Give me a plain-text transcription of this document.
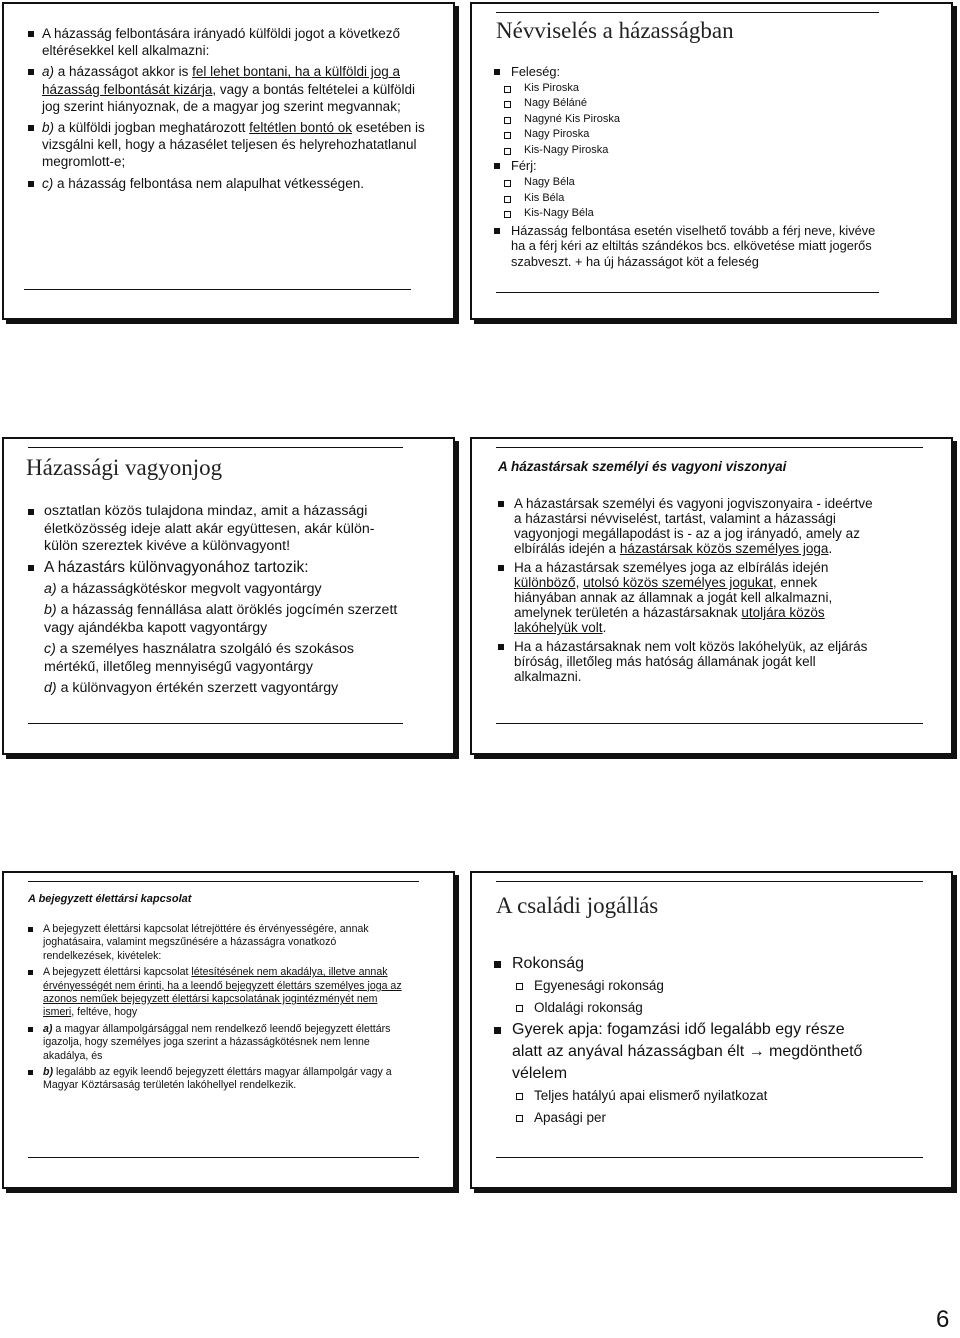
A házasság felbontására irányadó külföldi jogot a következő eltérésekkel kell alkalmazni:
a) a házasságot akkor is fel lehet bontani, ha a külföldi jog a házasság felbontását kizárja, vagy a bontás feltételei a külföldi jog szerint hiányoznak, de a magyar jog szerint megvannak;
b) a külföldi jogban meghatározott feltétlen bontó ok esetében is vizsgálni kell, hogy a házasélet teljesen és helyrehozhatatlanul megromlott-e;
c) a házasság felbontása nem alapulhat vétkességen.
Névviselés a házasságban
Feleség:
Kis Piroska
Nagy Béláné
Nagyné Kis Piroska
Nagy Piroska
Kis-Nagy Piroska
Férj:
Nagy Béla
Kis Béla
Kis-Nagy Béla
Házasság felbontása esetén viselhető tovább a férj neve, kivéve ha a férj kéri az eltiltás szándékos bcs. elkövetése miatt jogerős szabveszt. + ha új házasságot köt a feleség
Házassági vagyonjog
osztatlan közös tulajdona mindaz, amit a házassági életközösség ideje alatt akár együttesen, akár külön-külön szereztek kivéve a különvagyont!
A házastárs különvagyonához tartozik:
a) a házasságkötéskor megvolt vagyontárgy
b) a házasság fennállása alatt öröklés jogcímén szerzett vagy ajándékba kapott vagyontárgy
c) a személyes használatra szolgáló és szokásos mértékű, illetőleg mennyiségű vagyontárgy
d) a különvagyon értékén szerzett vagyontárgy
A házastársak személyi és vagyoni viszonyai
A házastársak személyi és vagyoni jogviszonyaira - ideértve a házastársi névviselést, tartást, valamint a házassági vagyonjogi megállapodást is - az a jog irányadó, amely az elbírálás idején a házastársak közös személyes joga.
Ha a házastársak személyes joga az elbírálás idején különböző, utolsó közös személyes jogukat, ennek hiányában annak az államnak a jogát kell alkalmazni, amelynek területén a házastársaknak utoljára közös lakóhelyük volt.
Ha a házastársaknak nem volt közös lakóhelyük, az eljárás bíróság, illetőleg más hatóság államának jogát kell alkalmazni.
A bejegyzett élettársi kapcsolat
A bejegyzett élettársi kapcsolat létrejöttére és érvényességére, annak joghatásaira, valamint megszűnésére a házasságra vonatkozó rendelkezések, kivételek:
A bejegyzett élettársi kapcsolat létesítésének nem akadálya, illetve annak érvényességét nem érinti, ha a leendő bejegyzett élettárs személyes joga az azonos neműek bejegyzett élettársi kapcsolatának jogintézményét nem ismeri, feltéve, hogy
a) a magyar állampolgársággal nem rendelkező leendő bejegyzett élettárs igazolja, hogy személyes joga szerint a házasságkötésnek nem lenne akadálya, és
b) legalább az egyik leendő bejegyzett élettárs magyar állampolgár vagy a Magyar Köztársaság területén lakóhellyel rendelkezik.
A családi jogállás
Rokonság
Egyenesági rokonság
Oldalági rokonság
Gyerek apja: fogamzási idő legalább egy része alatt az anyával házasságban élt → megdönthető vélelem
Teljes hatályú apai elismerő nyilatkozat
Apasági per
6
